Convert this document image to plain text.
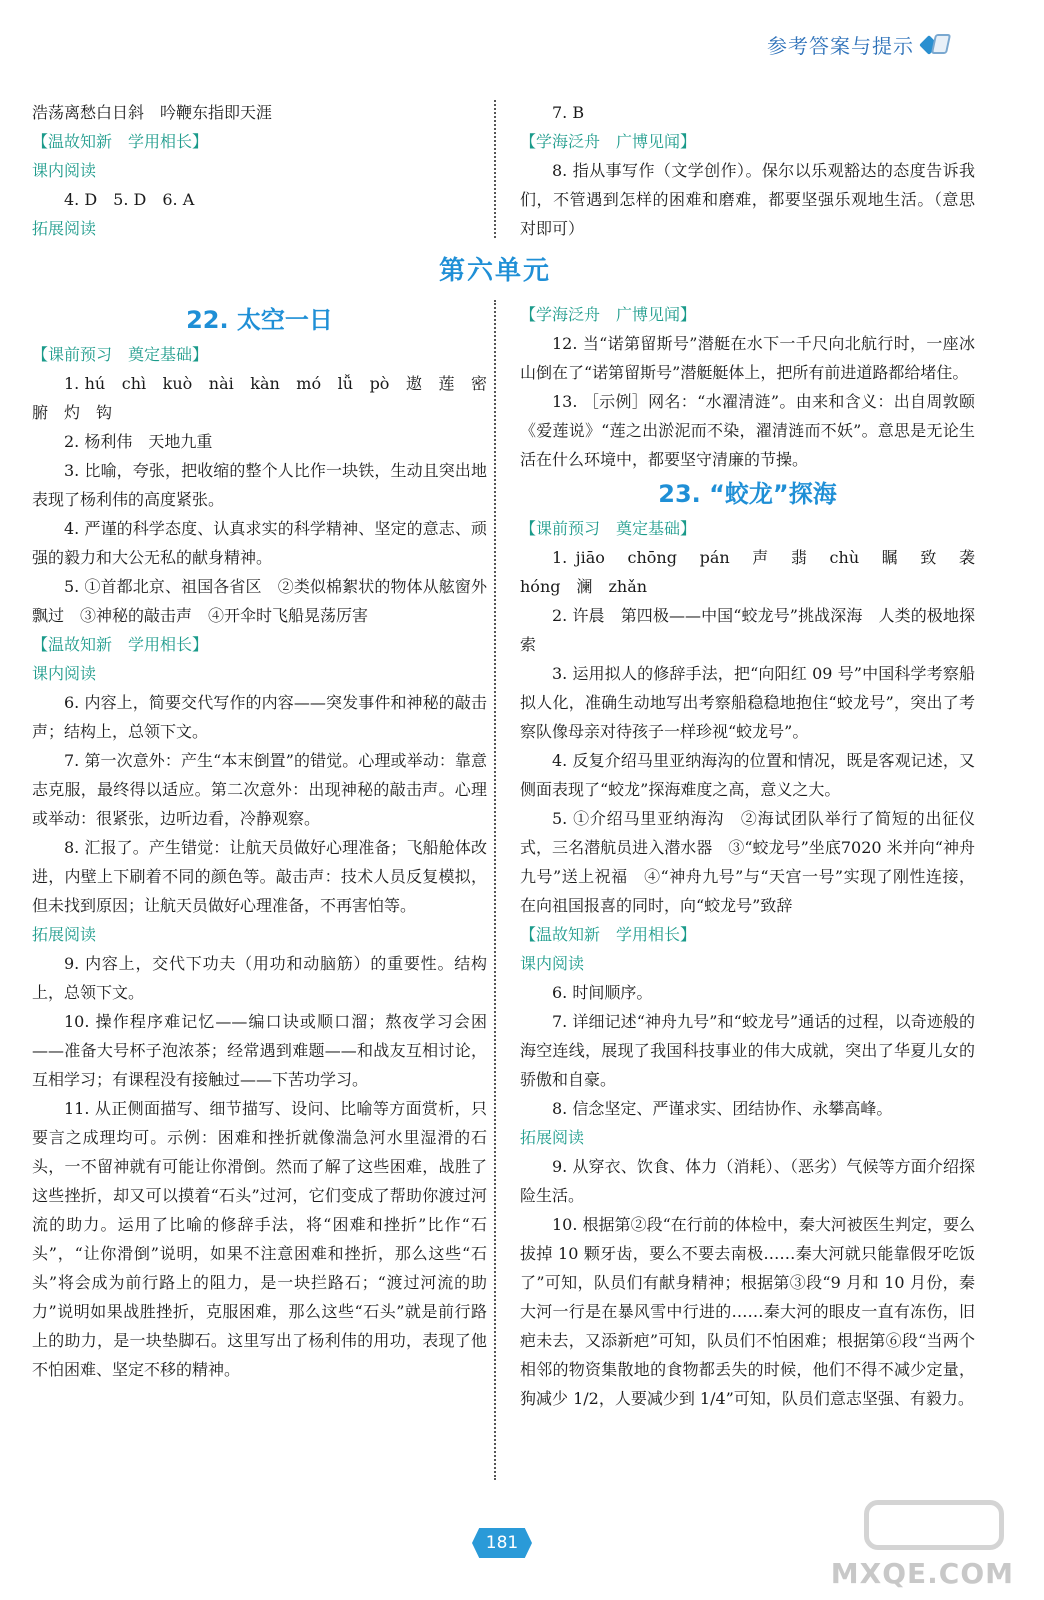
参考答案与提示
浩荡离愁白日斜　吟鞭东指即天涯
【温故知新　学用相长】
课内阅读
4. D　5. D　6. A
拓展阅读
7. B
【学海泛舟　广博见闻】
8. 指从事写作（文学创作）。保尔以乐观豁达的态度告诉我们，不管遇到怎样的困难和磨难，都要坚强乐观地生活。（意思对即可）
第六单元
22. 太空一日
【课前预习　奠定基础】
1. hú　chì　kuò　nài　kàn　mó　lǚ　pò　遨　莲　密　腑　灼　钩
2. 杨利伟　天地九重
3. 比喻，夸张，把收缩的整个人比作一块铁，生动且突出地表现了杨利伟的高度紧张。
4. 严谨的科学态度、认真求实的科学精神、坚定的意志、顽强的毅力和大公无私的献身精神。
5. ①首都北京、祖国各省区　②类似棉絮状的物体从舷窗外飘过　③神秘的敲击声　④开伞时飞船晃荡厉害
【温故知新　学用相长】
课内阅读
6. 内容上，简要交代写作的内容——突发事件和神秘的敲击声；结构上，总领下文。
7. 第一次意外：产生“本末倒置”的错觉。心理或举动：靠意志克服，最终得以适应。第二次意外：出现神秘的敲击声。心理或举动：很紧张，边听边看，冷静观察。
8. 汇报了。产生错觉：让航天员做好心理准备；飞船舱体改进，内壁上下刷着不同的颜色等。敲击声：技术人员反复模拟，但未找到原因；让航天员做好心理准备，不再害怕等。
拓展阅读
9. 内容上，交代下功夫（用功和动脑筋）的重要性。结构上，总领下文。
10. 操作程序难记忆——编口诀或顺口溜；熬夜学习会困——准备大号杯子泡浓茶；经常遇到难题——和战友互相讨论，互相学习；有课程没有接触过——下苦功学习。
11. 从正侧面描写、细节描写、设问、比喻等方面赏析，只要言之成理均可。示例：困难和挫折就像湍急河水里湿滑的石头，一不留神就有可能让你滑倒。然而了解了这些困难，战胜了这些挫折，却又可以摸着“石头”过河，它们变成了帮助你渡过河流的助力。运用了比喻的修辞手法，将“困难和挫折”比作“石头”，“让你滑倒”说明，如果不注意困难和挫折，那么这些“石头”将会成为前行路上的阻力，是一块拦路石；“渡过河流的助力”说明如果战胜挫折，克服困难，那么这些“石头”就是前行路上的助力，是一块垫脚石。这里写出了杨利伟的用功，表现了他不怕困难、坚定不移的精神。
【学海泛舟　广博见闻】
12. 当“诺第留斯号”潜艇在水下一千尺向北航行时，一座冰山倒在了“诺第留斯号”潜艇艇体上，把所有前进道路都给堵住。
13. ［示例］网名：“水濯清涟”。由来和含义：出自周敦颐《爱莲说》“莲之出淤泥而不染，濯清涟而不妖”。意思是无论生活在什么环境中，都要坚守清廉的节操。
23. “蛟龙”探海
【课前预习　奠定基础】
1. jiāo　chōng　pán　声　翡　chù　瞩　致　袭　hóng　澜　zhǎn
2. 许晨　第四极——中国“蛟龙号”挑战深海　人类的极地探索
3. 运用拟人的修辞手法，把“向阳红 09 号”中国科学考察船拟人化，准确生动地写出考察船稳稳地抱住“蛟龙号”，突出了考察队像母亲对待孩子一样珍视“蛟龙号”。
4. 反复介绍马里亚纳海沟的位置和情况，既是客观记述，又侧面表现了“蛟龙”探海难度之高，意义之大。
5. ①介绍马里亚纳海沟　②海试团队举行了简短的出征仪式，三名潜航员进入潜水器　③“蛟龙号”坐底7020 米并向“神舟九号”送上祝福　④“神舟九号”与“天宫一号”实现了刚性连接，在向祖国报喜的同时，向“蛟龙号”致辞
【温故知新　学用相长】
课内阅读
6. 时间顺序。
7. 详细记述“神舟九号”和“蛟龙号”通话的过程，以奇迹般的海空连线，展现了我国科技事业的伟大成就，突出了华夏儿女的骄傲和自豪。
8. 信念坚定、严谨求实、团结协作、永攀高峰。
拓展阅读
9. 从穿衣、饮食、体力（消耗）、（恶劣）气候等方面介绍探险生活。
10. 根据第②段“在行前的体检中，秦大河被医生判定，要么拔掉 10 颗牙齿，要么不要去南极……秦大河就只能靠假牙吃饭了”可知，队员们有献身精神；根据第③段“9 月和 10 月份，秦大河一行是在暴风雪中行进的……秦大河的眼皮一直有冻伤，旧疤未去，又添新疤”可知，队员们不怕困难；根据第⑥段“当两个相邻的物资集散地的食物都丢失的时候，他们不得不减少定量，狗减少 1/2，人要减少到 1/4”可知，队员们意志坚强、有毅力。
181
MXQE.COM
